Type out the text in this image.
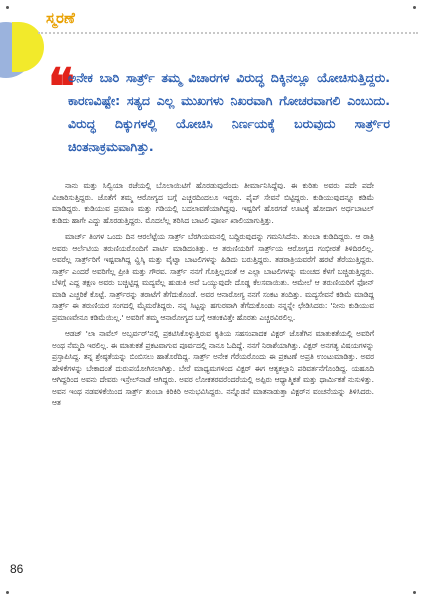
ಸ್ಮರಣೆ
❝

ಅನೇಕ ಬಾರಿ ಸಾರ್ತ್ರ್ ತಮ್ಮ ವಿಚಾರಗಳ ವಿರುದ್ಧ ದಿಕ್ಕಿನಲ್ಲೂ ಯೋಚಿಸುತ್ತಿದ್ದರು. ಕಾರಣವಿಷ್ಟೇ: ಸತ್ಯದ ಎಲ್ಲ ಮುಖಗಳು ನಿಖರವಾಗಿ ಗೋಚರವಾಗಲಿ ಎಂಬುದು. ವಿರುದ್ಧ ದಿಕ್ಕುಗಳಲ್ಲಿ ಯೋಚಿಸಿ ನಿರ್ಣಯಕ್ಕೆ ಬರುವುದು ಸಾರ್ತ್ರ್‌ರ ಚಿಂತನಾಕ್ರಮವಾಗಿತ್ತು.

ನಾನು ಮತ್ತು ಸಿಲ್ವಿಯಾ ರಜೆಯಲ್ಲಿ ಬೊಲಾಯಿಟಿಗೆ ಹೊರಡುವುದೆಂದು ತೀರ್ಮಾನಿಸಿದ್ದೆವು. ಈ ಕುರಿತು ಅವರು ಪದೇ ಪದೇ ವಿಚಾರಿಸುತ್ತಿದ್ದರು. ಜೊತೆಗೆ ತಮ್ಮ ಆರೋಗ್ಯದ ಬಗ್ಗೆ ಎಚ್ಚರದಿಂದಲೂ ಇದ್ದರು. ಪೈಪ್ ಸೇವನೆ ಬಿಟ್ಟಿದ್ದರು. ಕುಡಿಯುವುದನ್ನೂ ಕಡಿಮೆ ಮಾಡಿದ್ದರು. ಕುಡಿಯುವ ಪ್ರಮಾಣ ಮತ್ತು ಗಡಿಯಲ್ಲಿ ಬದಲಾವಣೆಯಾಗಿದ್ದವು. ಇಷ್ಟರಿಗೆ ಹೊರಗಡೆ ಊಟಕ್ಕೆ ಹೋದಾಗ ಅರ್ಧಬಾಟಲ್ ಕುಡಿದು ಹಾಗೇ ಎದ್ದು ಹೊರಡುತ್ತಿದ್ದರು. ಮೊದಲೆಲ್ಲ ತರಿಸಿದ ಬಾಟಲಿ ಪೂರ್ಣ ಖಾಲಿಯಾಗುತ್ತಿತ್ತು.

ಮಾರ್ಚ್ ತಿಂಗಳ ಒಂದು ದಿನ ಆರಲೆಟ್ಟೆಯ ಸಾರ್ತ್ರ್ ಬೆರಗಿಯಮನಲ್ಲಿ ಬದ್ದಿರುವುದನ್ನು ಗಮನಿಸಿದೆನು. ತುಂಬಾ ಕುಡಿದಿದ್ದರು. ಆ ರಾತ್ರಿ ಅವರು ಆರ್ಲೆಟಿಯ ತರುಣಿಯರೊಂದಿಗೆ ಪಾರ್ಟಿ ಮಾಡಿದಂತಿತ್ತು. ಆ ತರುಣಿಯರಿಗೆ ಸಾರ್ತ್ರ್‌ಯ ಆರೋಗ್ಯದ ಗಂಭೀರತೆ ತಿಳಿದಿರಲಿಲ್ಲ. ಅವರೆಲ್ಲ ಸಾರ್ತ್ರ್‌ರಿಗೆ ಇಷ್ಟವಾಗಿದ್ದ ವ್ಹಿಸ್ಕಿ ಮತ್ತು ವೈಟ್ವಾ ಬಾಟಲಿಗಳನ್ನು ಹಿಡಿದು ಬರುತ್ತಿದ್ದರು. ತಡರಾತ್ರಿಯವರೆಗೆ ಹರಟೆ ತೆರೆಯುತ್ತಿದ್ದರು. ಸಾರ್ತ್ರ್ ಎಂದರೆ ಅವರಿಗೆಲ್ಲ ಪ್ರೀತಿ ಮತ್ತು ಗೌರವ. ಸಾರ್ತ್ರ್ ನನಗೆ ಗೊತ್ತಿಲ್ಲದಂತೆ ಆ ಎಲ್ಲಾ ಬಾಟಲಿಗಳನ್ನು ಮಂಚದ ಕೆಳಗೆ ಬಚ್ಚಿಡುತ್ತಿದ್ದರು. ಬೆಳಿಗ್ಗೆ ಎದ್ದ ತಕ್ಷಣ ಅವರು ಬಚ್ಚಿಟ್ಟಿದ್ದ ಮದ್ಯವೆಲ್ಲ ಹುಡುಕಿ ಅವೆ ಒಯ್ಯುವುದೇ ದೊಡ್ಡ ಕೆಲಸವಾಯಿತು. ಆಮೇಲೆ ಆ ತರುಣಿಯರಿಗೆ ಫೋನ್ ಮಾಡಿ ಎಚ್ಚರಿಕೆ ಕೊಟ್ಟೆ. ಸಾರ್ತ್ರ್‌ರನ್ನು ತರಾಟೆಗೆ ತೆಗೆದುಕೊಂಡೆ. ಅವರ ಆನಾರೋಗ್ಯ ನನಗೆ ಸಂಕಟ ತಂದಿತ್ತು. ಮದ್ಯಸೇವನೆ ಕಡಿಮೆ ಮಾಡಿದ್ದ ಸಾರ್ತ್ರ್ ಈ ತರುಣಿಯರ ಸಂಗದಲ್ಲಿ ಮೈಮರೆತಿದ್ದರು. ನನ್ನ ಸಿಟ್ಟನ್ನು ಹಗುರವಾಗಿ ತೆಗೆದುಕೊಂಡು ನನ್ನನ್ನೇ ಛೇಡಿಸಿದರು: 'ನೀನು ಕುಡಿಯುವ ಪ್ರಮಾಣವೇನೂ ಕಡಿಮೆಯಿಲ್ಲ.' ಅವರಿಗೆ ತಮ್ಮ ಆನಾರೋಗ್ಯದ ಬಗ್ಗೆ ಆತಂಕವಿತ್ತೇ ಹೊರತು ಎಚ್ಚರವಿರಲಿಲ್ಲ.

ಆಡಜ್ 'ಲಾ ನಾವೆಲ್ ಅಬ್ಸರ್ವರ್'ನಲ್ಲಿ ಪ್ರಕಟಿಸಿಕೊಳ್ಳುತ್ತಿರುವ ಕೃತಿಯ ಸಹಸಂಪಾದಕ ವಿಕ್ಟರ್ ಜೊತೆಗಿನ ಮಾತುಕತೆಯಲ್ಲಿ ಅವರಿಗೆ ಅಂಥ ನೆಮ್ಮದಿ ಇರಲಿಲ್ಲ. ಈ ಮಾತುಕತೆ ಪ್ರಕಟವಾಗುವ ಪೂರ್ವದಲ್ಲಿ ನಾನೂ ಓದಿದ್ದೆ. ನನಗೆ ನಿರಾಶೆಯಾಗಿತ್ತು. ವಿಕ್ಟರ್ ಅನಗತ್ಯ ವಿಷಯಗಳನ್ನು ಪ್ರಸ್ತಾಪಿಸಿದ್ದ. ತನ್ನ ಶ್ರೇಷ್ಠತೆಯನ್ನು ಬಿಂಬಿಸಲು ಹಾತೊರೆದಿದ್ದ. ಸಾರ್ತ್ರ್ ಅನೇಕ ಗೆರೆಯರೊಂದು ಈ ಪ್ರಕಟಣೆ ಅಪ್ರತಿ ಉಂಟುಮಾಡಿತ್ತು. ಅವರ ಹೇಳಿಕೆಗಳನ್ನು ಬೇಕಾದಂತೆ ದುರುಪಯೋಗಿಸಲಾಗಿತ್ತು. ಬೇರೆ ಮಾಧ್ಯಮಗಳಿಂದ ವಿಕ್ಟರ್ ಈಗ ಆತ್ಯಕಲ್ಪಾನಿ ಪರಿವರ್ತನೆಗೊಂಡಿದ್ದ. ಯಹೂದಿ ಆಗಿದ್ದರಿಂದ ಅವನು ದೇವರು ಇಸ್ರೇಲ್‌ನಾಡೆ ಆಗಿದ್ದರು. ಅವರ ಲೋಕತರವರೆಂದರೆಯಲ್ಲಿ ಅಪ್ಪಿರು ಆಧ್ಯಾತ್ಮಿಕತೆ ಮತ್ತು ಧಾರ್ಮಿಕತೆ ನುಸುಳಿತ್ತು. ಅವನ ಇಂಥ ನಡವಳಿಕೆಯಿಂದ ಸಾರ್ತ್ರ್ ತುಂಬಾ ಕಿರಿಕಿರಿ ಅನುಭವಿಸಿದ್ದರು. ನನ್ನೊಡನೆ ಮಾತನಾಡುತ್ತಾ ವಿಕ್ಟರ್‌ನ ವಂಚನೆಯನ್ನು ತಿಳಿಸಿದರು. ಆತ

86
